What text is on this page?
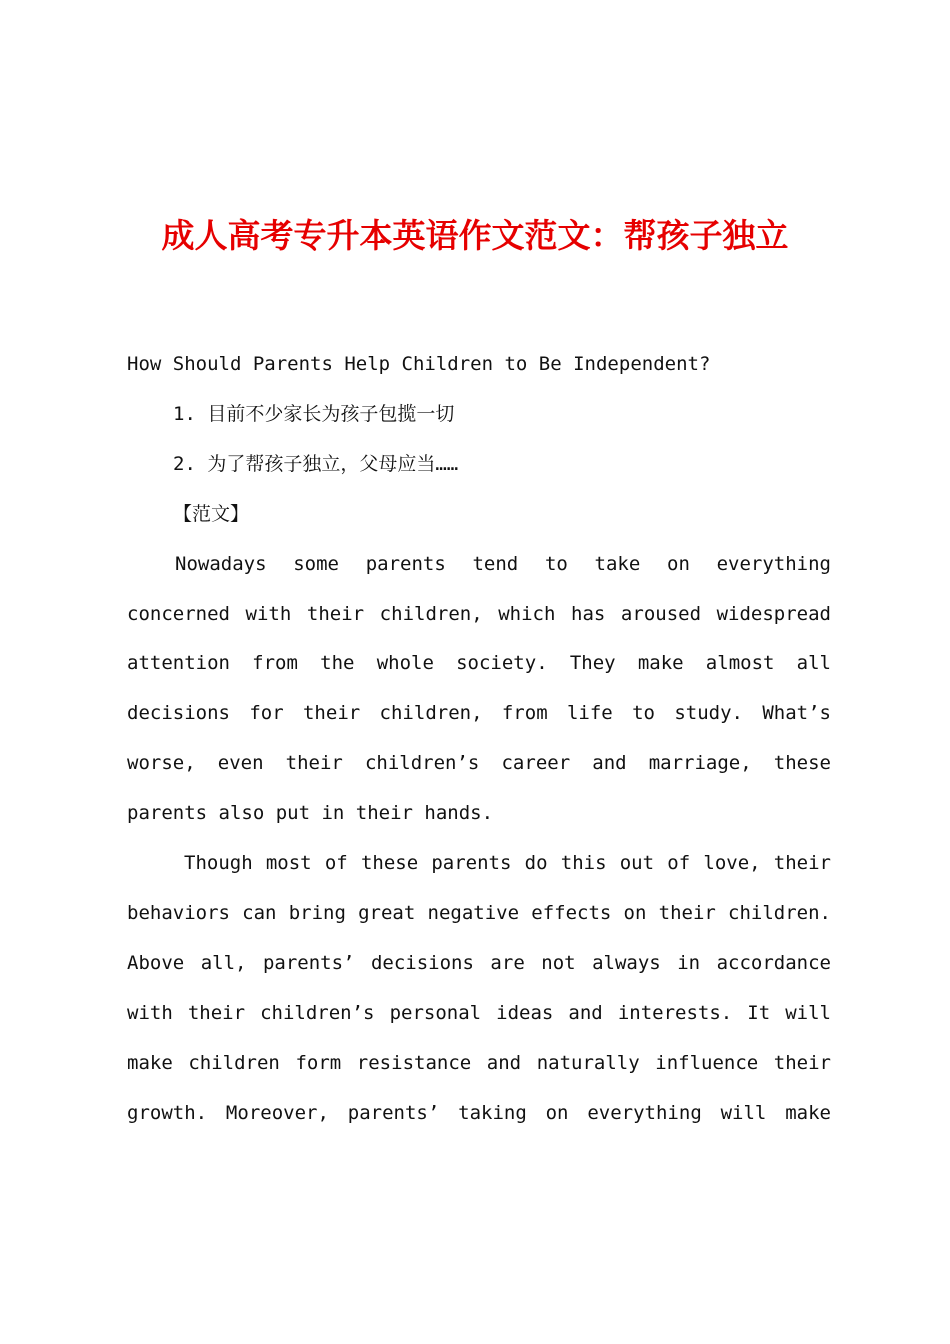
成人高考专升本英语作文范文：帮孩子独立

How Should Parents Help Children to Be Independent?

1. 目前不少家长为孩子包揽一切

2. 为了帮孩子独立，父母应当……

【范文】

Nowadays some parents tend to take on everything concerned with their children, which has aroused widespread attention from the whole society. They make almost all decisions for their children, from life to study. What’s worse, even their children’s career and marriage, these parents also put in their hands.

Though most of these parents do this out of love, their behaviors can bring great negative effects on their children. Above all, parents’ decisions are not always in accordance with their children’s personal ideas and interests. It will make children form resistance and naturally influence their growth. Moreover, parents’ taking on everything will make
